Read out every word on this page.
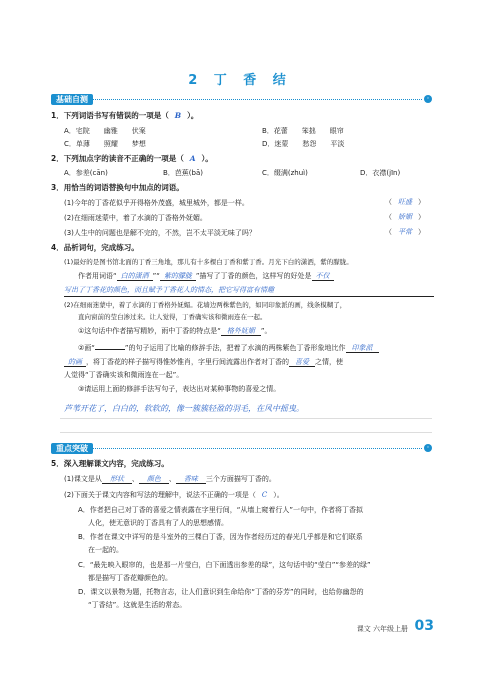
2 丁 香 结
基础自测	◦
1．下列词语书写有错误的一项是（ B ）。
A．宅院　　幽雅　　伏案	B．花蕾　　笨拙　　眼帘
C．单薄　　照耀　　梦想	D．迷蒙　　愁怨　　平淡
2．下列加点字的读音不正确的一项是（ A ）。
A．参差(cān)	B．芭蕉(bā)	C．缀满(zhuì)	D．衣襟(jīn)
3．用恰当的词语替换句中加点的词语。
(1)今年的丁香花似乎开得格外茂盛，城里城外，都是一样。	（ 旺盛 ）
(2)在细雨迷蒙中，着了水滴的丁香格外妩媚。	（ 娇媚 ）
(3)人生中的问题也是解不完的，不然，岂不太平淡无味了吗？	（ 平常 ）
4．品析词句，完成练习。
(1)最好的是图书馆北面的丁香三角地，那儿有十多棵白丁香和紫丁香。月光下白的潇洒，紫的朦胧。
作者用词语“ 白的潇洒 ”“ 紫的朦胧 ”描写了丁香的颜色，这样写的好处是 不仅
写出了丁香花的颜色，而且赋予丁香花人的情态，把它写得富有情趣
(2)在细雨迷蒙中，着了水滴的丁香格外妩媚。花墙边两株紫色的，如同印象派的画，线条模糊了，
直向窗前的莹白渗过来。让人觉得，丁香确实该和微雨连在一起。
①这句话中作者描写精妙，雨中丁香的特点是“ 格外妩媚 ”。
②画“	”的句子运用了比喻的修辞手法，把着了水滴的两株紫色丁香形象地比作 印象派
的画 ，将丁香花的样子描写得惟妙惟肖，字里行间流露出作者对丁香的 喜爱 之情，使
人觉得“丁香确实该和微雨连在一起”。
③请运用上面的修辞手法写句子，表达出对某种事物的喜爱之情。
芦苇开花了，白白的，软软的，像一簇簇轻盈的羽毛，在风中摇曳。
重点突破	◦
5．深入理解课文内容，完成练习。
(1)课文是从 形状 、 颜色 、 香味 三个方面描写丁香的。
(2)下面关于课文内容和写法的理解中，说法不正确的一项是（ C ）。
A．作者把自己对丁香的喜爱之情表露在字里行间，“从墙上窥着行人”一句中，作者将丁香拟
人化，使无意识的丁香具有了人的思想感情。
B．作者在课文中详写的是斗室外的三棵白丁香，因为作者经历过的春光几乎都是和它们联系
在一起的。
C．“最先映入眼帘的，也是那一片莹白，白下面透出参差的绿”，这句话中的“莹白”“参差的绿”
都是描写丁香花瓣颜色的。
D．课文以景物为题，托物言志，让人们意识到生命给你“丁香的芬芳”的同时，也给你幽怨的
“丁香结”。这就是生活的常态。
课文 六年级上册 03
